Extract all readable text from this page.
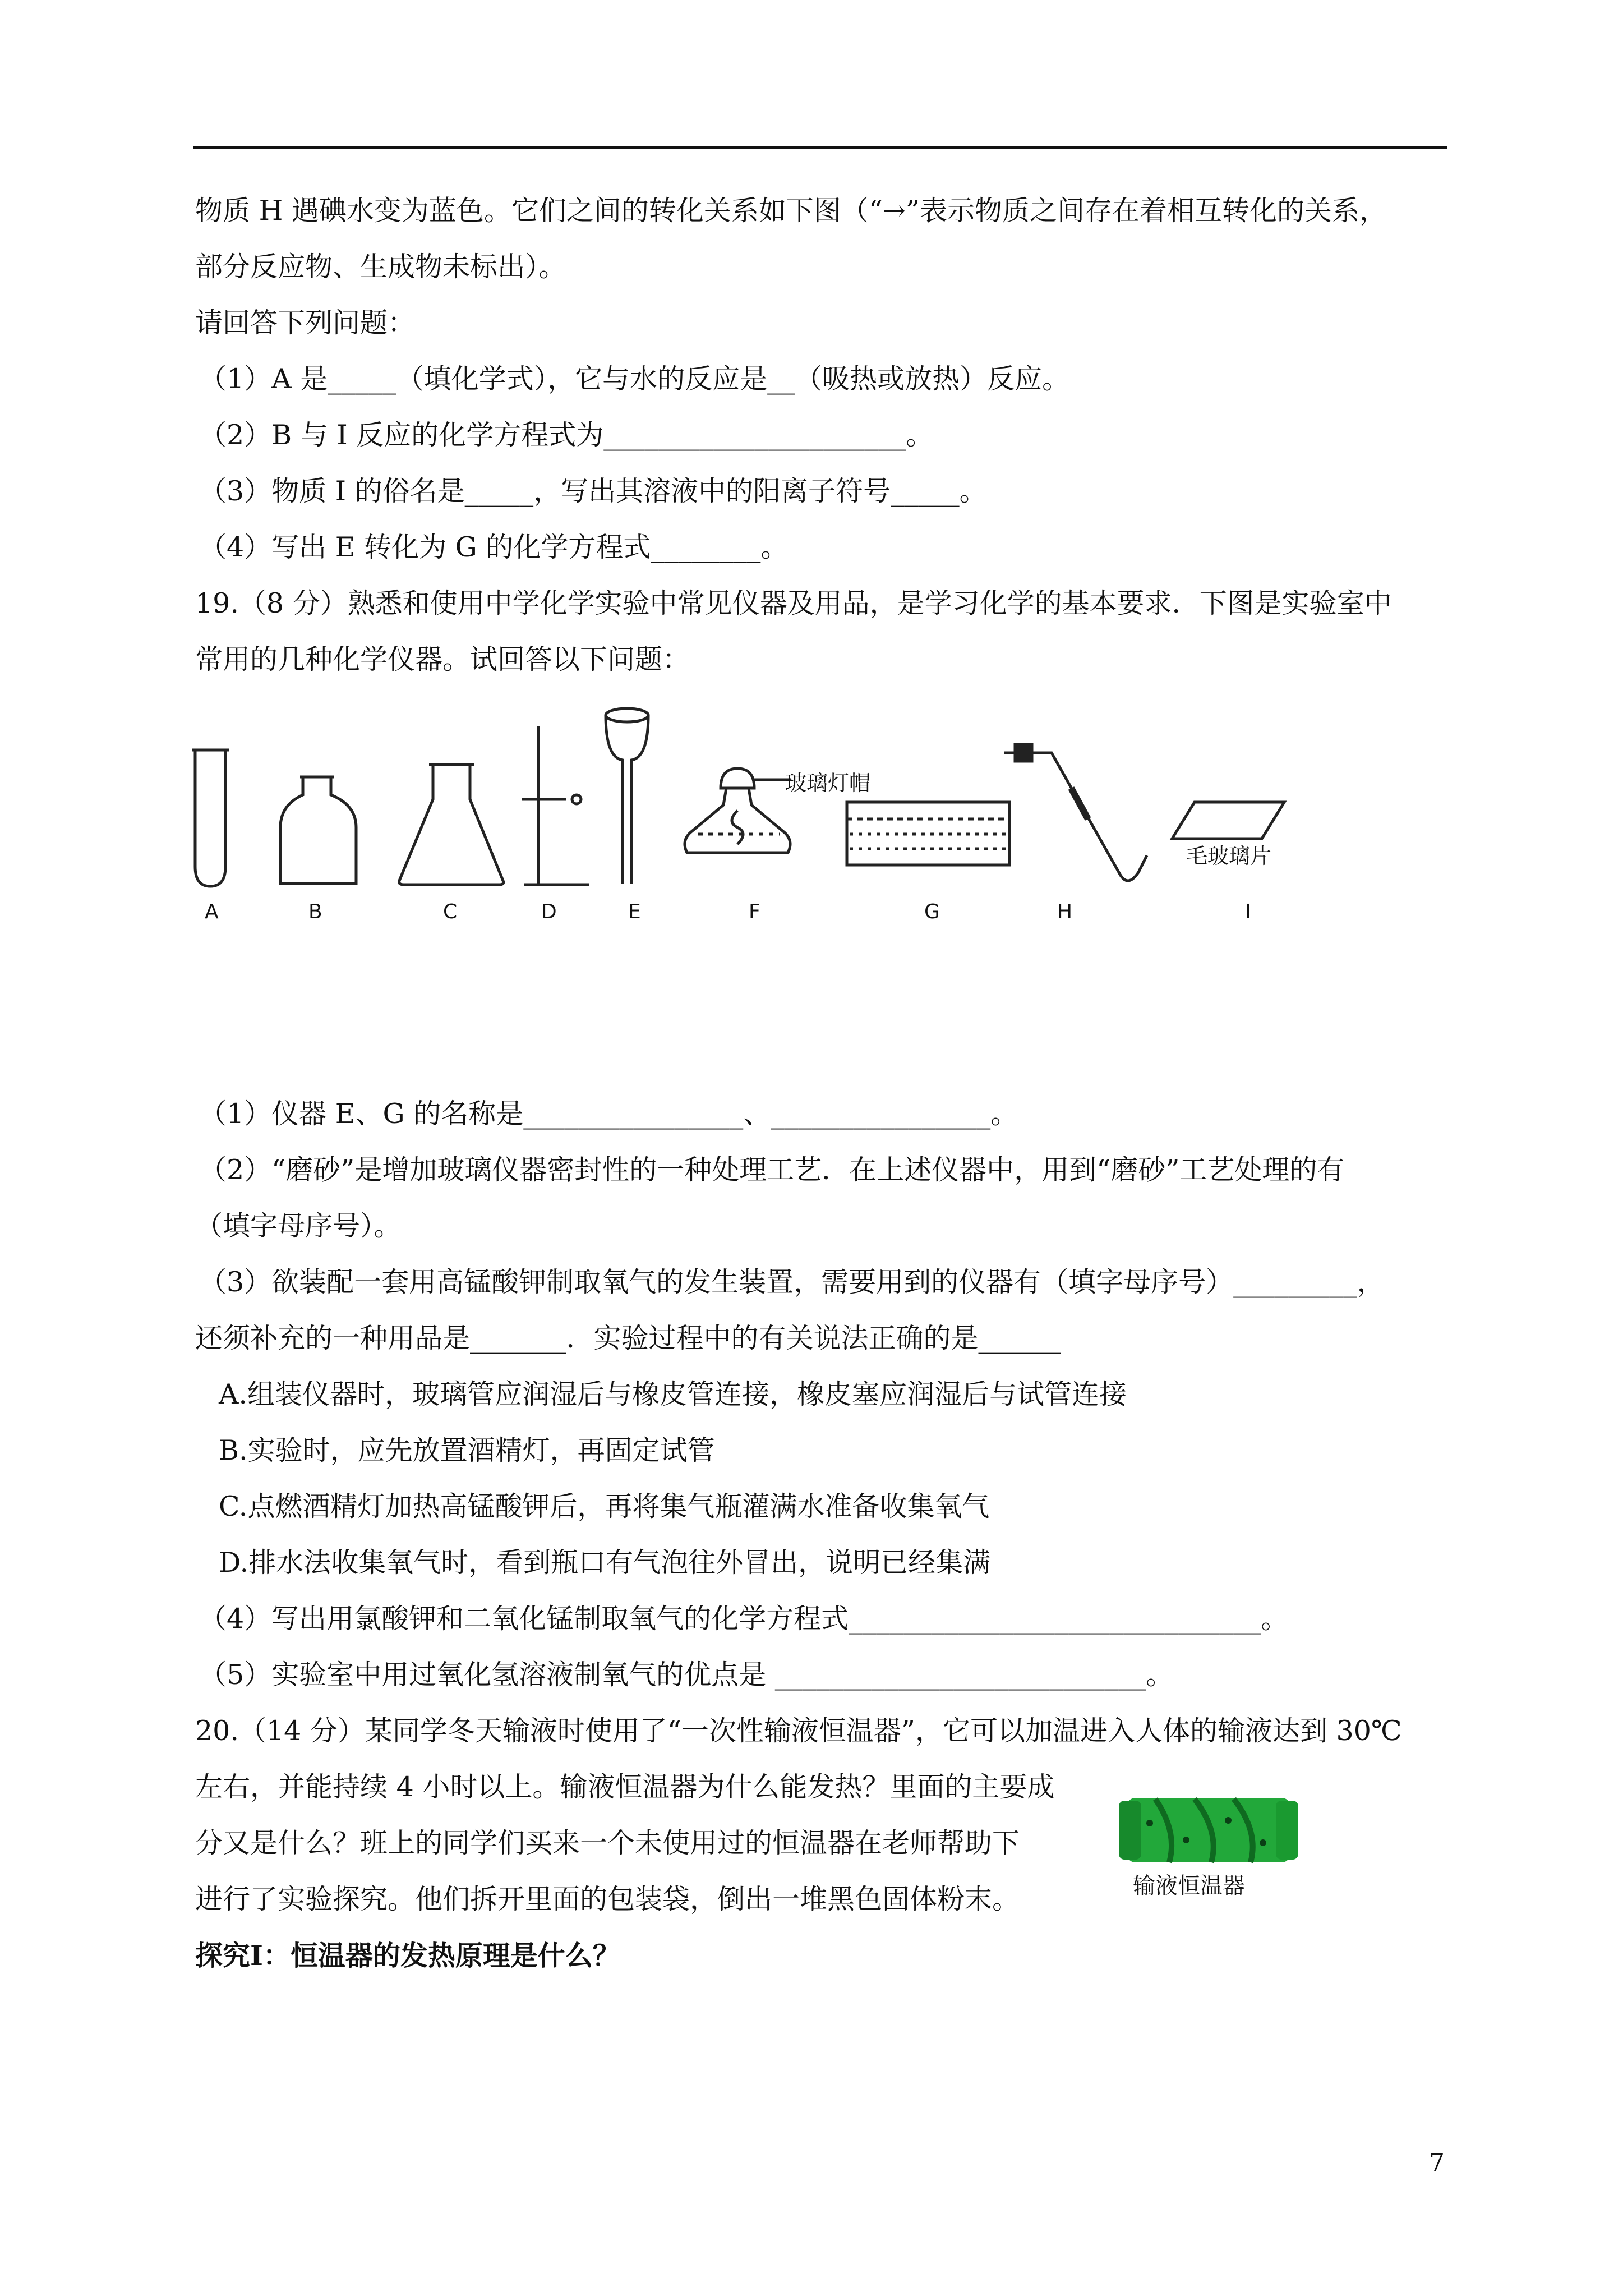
物质 H 遇碘水变为蓝色。它们之间的转化关系如下图（“→”表示物质之间存在着相互转化的关系，
部分反应物、生成物未标出）。
请回答下列问题：
（1）A 是_____（填化学式），它与水的反应是__（吸热或放热）反应。
（2）B 与 I 反应的化学方程式为______________________。
（3）物质 I 的俗名是_____，写出其溶液中的阳离子符号_____。
（4）写出 E 转化为 G 的化学方程式________。
19.（8 分）熟悉和使用中学化学实验中常见仪器及用品，是学习化学的基本要求．下图是实验室中
常用的几种化学仪器。试回答以下问题：
玻璃灯帽
毛玻璃片
A	B	C	D	E	F	G	H	I
（1）仪器 E、G 的名称是________________、________________。
（2）“磨砂”是增加玻璃仪器密封性的一种处理工艺．在上述仪器中，用到“磨砂”工艺处理的有
（填字母序号）。
（3）欲装配一套用高锰酸钾制取氧气的发生装置，需要用到的仪器有（填字母序号）_________，
还须补充的一种用品是_______．实验过程中的有关说法正确的是______
A.组装仪器时，玻璃管应润湿后与橡皮管连接，橡皮塞应润湿后与试管连接
B.实验时，应先放置酒精灯，再固定试管
C.点燃酒精灯加热高锰酸钾后，再将集气瓶灌满水准备收集氧气
D.排水法收集氧气时，看到瓶口有气泡往外冒出，说明已经集满
（4）写出用氯酸钾和二氧化锰制取氧气的化学方程式______________________________。
（5）实验室中用过氧化氢溶液制氧气的优点是 ___________________________。
20.（14 分）某同学冬天输液时使用了“一次性输液恒温器”，它可以加温进入人体的输液达到 30℃
左右，并能持续 4 小时以上。输液恒温器为什么能发热？里面的主要成
分又是什么？班上的同学们买来一个未使用过的恒温器在老师帮助下
进行了实验探究。他们拆开里面的包装袋，倒出一堆黑色固体粉末。
探究Ⅰ：恒温器的发热原理是什么？
输液恒温器
7
